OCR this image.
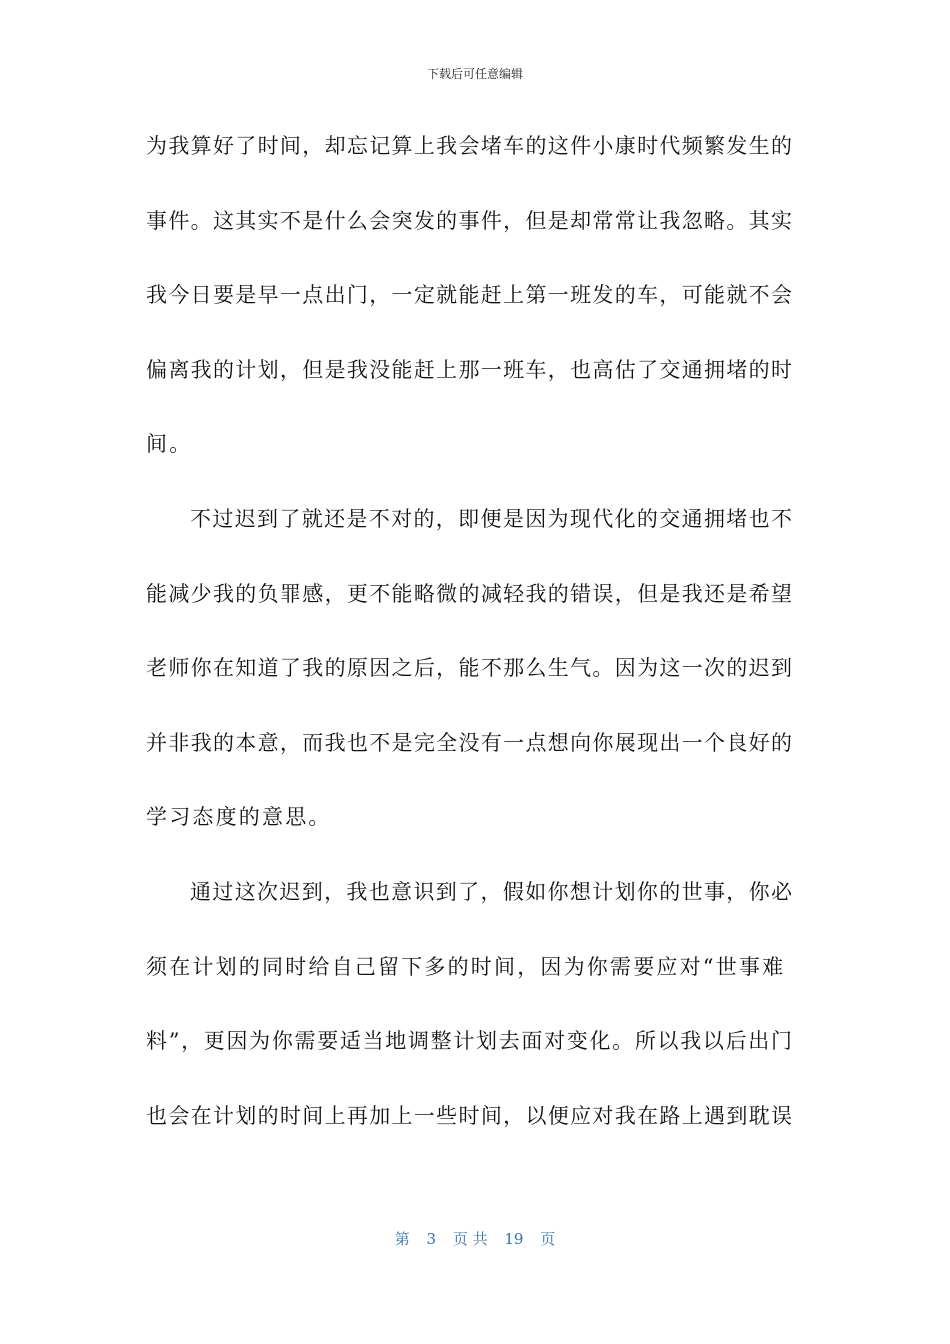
下载后可任意编辑
为我算好了时间，却忘记算上我会堵车的这件小康时代频繁发生的
事件。这其实不是什么会突发的事件，但是却常常让我忽略。其实
我今日要是早一点出门，一定就能赶上第一班发的车，可能就不会
偏离我的计划，但是我没能赶上那一班车，也高估了交通拥堵的时
间。
不过迟到了就还是不对的，即便是因为现代化的交通拥堵也不
能减少我的负罪感，更不能略微的减轻我的错误，但是我还是希望
老师你在知道了我的原因之后，能不那么生气。因为这一次的迟到
并非我的本意，而我也不是完全没有一点想向你展现出一个良好的
学习态度的意思。
通过这次迟到，我也意识到了，假如你想计划你的世事，你必
须在计划的同时给自己留下多的时间，因为你需要应对“世事难
料”，更因为你需要适当地调整计划去面对变化。所以我以后出门
也会在计划的时间上再加上一些时间，以便应对我在路上遇到耽误
第 3 页 共 19 页
